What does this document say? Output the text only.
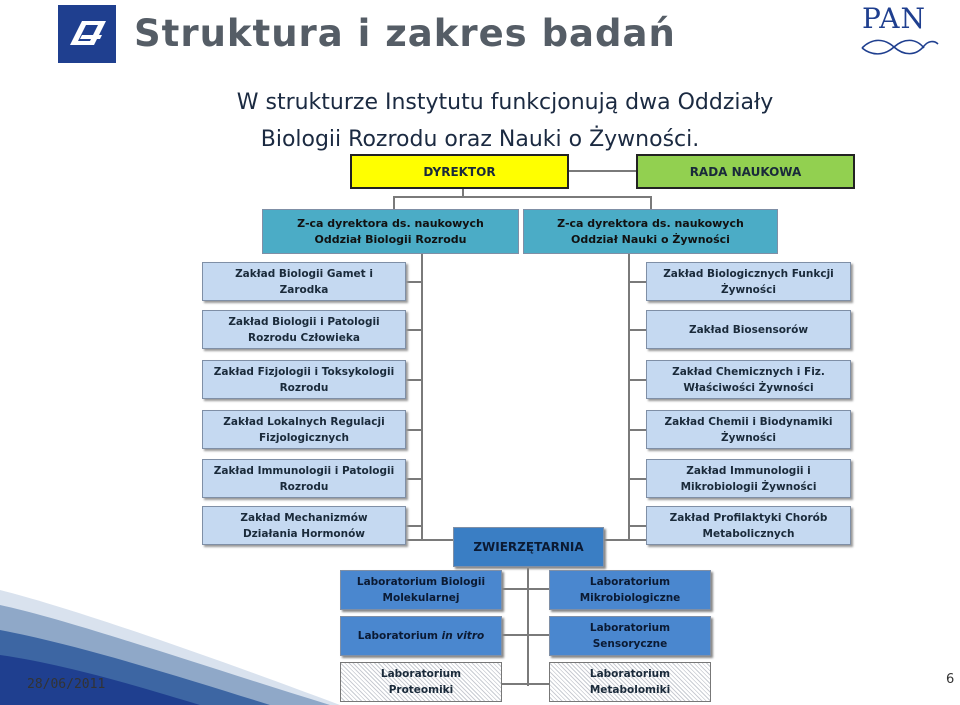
Struktura i zakres badań	PAN
W strukturze Instytutu funkcjonują dwa Oddziały
Biologii Rozrodu oraz Nauki o Żywności.
DYREKTOR	RADA NAUKOWA
Z-ca dyrektora ds. naukowych
Oddział Biologii Rozrodu
Z-ca dyrektora ds. naukowych
Oddział Nauki o Żywności
Zakład Biologii Gamet i
Zarodka
Zakład Biologii i Patologii
Rozrodu Człowieka
Zakład Fizjologii i Toksykologii
Rozrodu
Zakład Lokalnych Regulacji
Fizjologicznych
Zakład Immunologii i Patologii
Rozrodu
Zakład Mechanizmów
Działania Hormonów
Zakład Biologicznych Funkcji
Żywności
Zakład Biosensorów
Zakład Chemicznych i Fiz.
Właściwości Żywności
Zakład Chemii i Biodynamiki
Żywności
Zakład Immunologii i
Mikrobiologii Żywności
Zakład Profilaktyki Chorób
Metabolicznych
ZWIERZĘTARNIA
Laboratorium Biologii
Molekularnej
Laboratorium in vitro
Laboratorium
Proteomiki
Laboratorium
Mikrobiologiczne
Laboratorium
Sensoryczne
Laboratorium
Metabolomiki
28/06/2011	6
